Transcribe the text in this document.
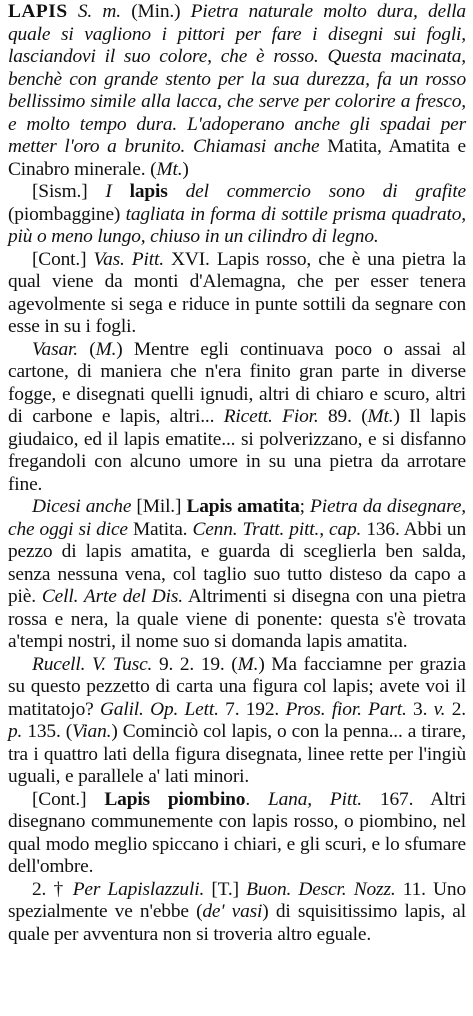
LAPIS S. m. (Min.) Pietra naturale molto dura, della quale si vagliono i pittori per fare i disegni sui fogli, lasciandovi il suo colore, che è rosso. Questa macinata, benchè con grande stento per la sua durezza, fa un rosso bellissimo simile alla lacca, che serve per colorire a fresco, e molto tempo dura. L'adoperano anche gli spadai per metter l'oro a brunito. Chiamasi anche Matita, Amatita e Cinabro minerale. (Mt.)

[Sism.] I lapis del commercio sono di grafite (piombaggine) tagliata in forma di sottile prisma quadrato, più o meno lungo, chiuso in un cilindro di legno.

[Cont.] Vas. Pitt. XVI. Lapis rosso, che è una pietra la qual viene da monti d'Alemagna, che per esser tenera agevolmente si sega e riduce in punte sottili da segnare con esse in su i fogli.

Vasar. (M.) Mentre egli continuava poco o assai al cartone, di maniera che n'era finito gran parte in diverse fogge, e disegnati quelli ignudi, altri di chiaro e scuro, altri di carbone e lapis, altri... Ricett. Fior. 89. (Mt.) Il lapis giudaico, ed il lapis ematite... si polverizzano, e si disfanno fregandoli con alcuno umore in su una pietra da arrotare fine.

Dicesi anche [Mil.] Lapis amatita; Pietra da disegnare, che oggi si dice Matita. Cenn. Tratt. pitt., cap. 136. Abbi un pezzo di lapis amatita, e guarda di sceglierla ben salda, senza nessuna vena, col taglio suo tutto disteso da capo a piè. Cell. Arte del Dis. Altrimenti si disegna con una pietra rossa e nera, la quale viene di ponente: questa s'è trovata a'tempi nostri, il nome suo si domanda lapis amatita.

Rucell. V. Tusc. 9. 2. 19. (M.) Ma facciamne per grazia su questo pezzetto di carta una figura col lapis; avete voi il matitatojo? Galil. Op. Lett. 7. 192. Pros. fior. Part. 3. v. 2. p. 135. (Vian.) Cominciò col lapis, o con la penna... a tirare, tra i quattro lati della figura disegnata, linee rette per l'ingiù uguali, e parallele a' lati minori.

[Cont.] Lapis piombino. Lana, Pitt. 167. Altri disegnano communemente con lapis rosso, o piombino, nel qual modo meglio spiccano i chiari, e gli scuri, e lo sfumare dell'ombre.

2. † Per Lapislazzuli. [T.] Buon. Descr. Nozz. 11. Uno spezialmente ve n'ebbe (de' vasi) di squisitissimo lapis, al quale per avventura non si troveria altro eguale.
